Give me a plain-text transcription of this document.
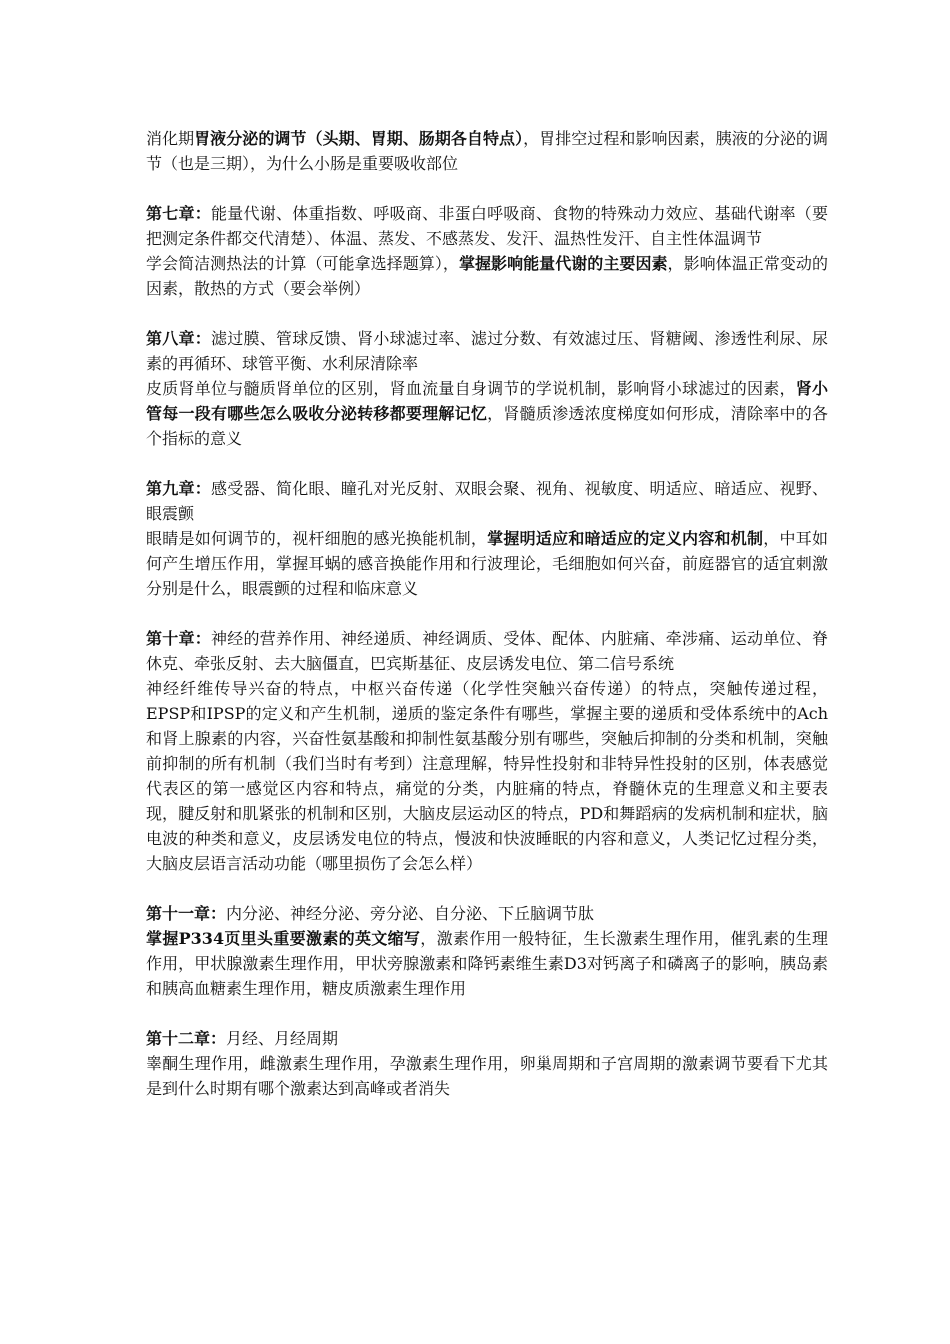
消化期胃液分泌的调节（头期、胃期、肠期各自特点），胃排空过程和影响因素，胰液的分泌的调节（也是三期），为什么小肠是重要吸收部位

第七章：能量代谢、体重指数、呼吸商、非蛋白呼吸商、食物的特殊动力效应、基础代谢率（要把测定条件都交代清楚）、体温、蒸发、不感蒸发、发汗、温热性发汗、自主性体温调节

学会简洁测热法的计算（可能拿选择题算），掌握影响能量代谢的主要因素，影响体温正常变动的因素，散热的方式（要会举例）

第八章：滤过膜、管球反馈、肾小球滤过率、滤过分数、有效滤过压、肾糖阈、渗透性利尿、尿素的再循环、球管平衡、水利尿清除率

皮质肾单位与髓质肾单位的区别，肾血流量自身调节的学说机制，影响肾小球滤过的因素，肾小管每一段有哪些怎么吸收分泌转移都要理解记忆，肾髓质渗透浓度梯度如何形成，清除率中的各个指标的意义

第九章：感受器、简化眼、瞳孔对光反射、双眼会聚、视角、视敏度、明适应、暗适应、视野、眼震颤

眼睛是如何调节的，视杆细胞的感光换能机制，掌握明适应和暗适应的定义内容和机制，中耳如何产生增压作用，掌握耳蜗的感音换能作用和行波理论，毛细胞如何兴奋，前庭器官的适宜刺激分别是什么，眼震颤的过程和临床意义

第十章：神经的营养作用、神经递质、神经调质、受体、配体、内脏痛、牵涉痛、运动单位、脊休克、牵张反射、去大脑僵直，巴宾斯基征、皮层诱发电位、第二信号系统

神经纤维传导兴奋的特点，中枢兴奋传递（化学性突触兴奋传递）的特点，突触传递过程，EPSP和IPSP的定义和产生机制，递质的鉴定条件有哪些，掌握主要的递质和受体系统中的Ach和肾上腺素的内容，兴奋性氨基酸和抑制性氨基酸分别有哪些，突触后抑制的分类和机制，突触前抑制的所有机制（我们当时有考到）注意理解，特异性投射和非特异性投射的区别，体表感觉代表区的第一感觉区内容和特点，痛觉的分类，内脏痛的特点，脊髓休克的生理意义和主要表现，腱反射和肌紧张的机制和区别，大脑皮层运动区的特点，PD和舞蹈病的发病机制和症状，脑电波的种类和意义，皮层诱发电位的特点，慢波和快波睡眠的内容和意义，人类记忆过程分类，大脑皮层语言活动功能（哪里损伤了会怎么样）

第十一章：内分泌、神经分泌、旁分泌、自分泌、下丘脑调节肽

掌握P334页里头重要激素的英文缩写，激素作用一般特征，生长激素生理作用，催乳素的生理作用，甲状腺激素生理作用，甲状旁腺激素和降钙素维生素D3对钙离子和磷离子的影响，胰岛素和胰高血糖素生理作用，糖皮质激素生理作用

第十二章：月经、月经周期

睾酮生理作用，雌激素生理作用，孕激素生理作用，卵巢周期和子宫周期的激素调节要看下尤其是到什么时期有哪个激素达到高峰或者消失
